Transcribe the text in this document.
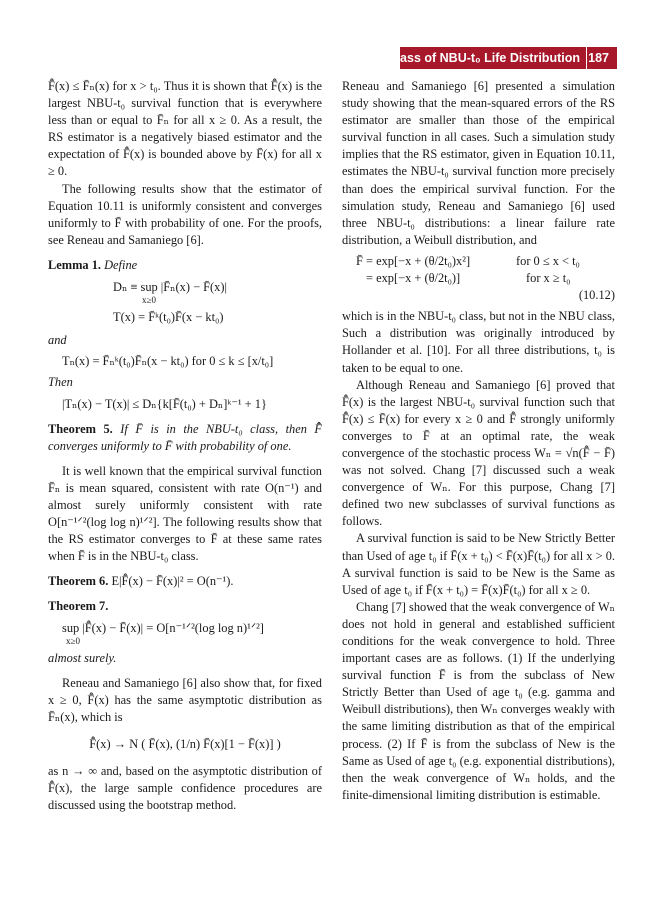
Class of NBU-t₀ Life Distribution 187

F̂̄(x) ≤ F̄ₙ(x) for x > t₀. Thus it is shown that F̂̄(x) is the largest NBU-t₀ survival function that is everywhere less than or equal to F̄ₙ for all x ≥ 0. As a result, the RS estimator is a negatively biased estimator and the expectation of F̂̄(x) is bounded above by F̄(x) for all x ≥ 0.

The following results show that the estimator of Equation 10.11 is uniformly consistent and converges uniformly to F̄ with probability of one. For the proofs, see Reneau and Samaniego [6].

Lemma 1. Define

Dₙ ≡ sup |F̄ₙ(x) − F̄(x)|
x≥0
T(x) = F̄ᵏ(t₀)F̄(x − kt₀)

and

Tₙ(x) = F̄ₙᵏ(t₀)F̄ₙ(x − kt₀) for 0 ≤ k ≤ [x/t₀]

Then

|Tₙ(x) − T(x)| ≤ Dₙ{k[F̄(t₀) + Dₙ]ᵏ⁻¹ + 1}

Theorem 5. If F̄ is in the NBU-t₀ class, then F̂̄ converges uniformly to F̄ with probability of one.

It is well known that the empirical survival function F̄ₙ is mean squared, consistent with rate O(n⁻¹) and almost surely uniformly consistent with rate O[n⁻¹ᐟ²(log log n)¹ᐟ²]. The following results show that the RS estimator converges to F̄ at these same rates when F̄ is in the NBU-t₀ class.

Theorem 6. E|F̂̄(x) − F̄(x)|² = O(n⁻¹).

Theorem 7.

sup |F̂̄(x) − F̄(x)| = O[n⁻¹ᐟ²(log log n)¹ᐟ²]
x≥0

almost surely.

Reneau and Samaniego [6] also show that, for fixed x ≥ 0, F̂̄(x) has the same asymptotic distribution as F̄ₙ(x), which is

F̂̄(x) → N ( F̄(x), (1/n) F̄(x)[1 − F̄(x)] )

as n → ∞ and, based on the asymptotic distribution of F̂̄(x), the large sample confidence procedures are discussed using the bootstrap method.

Reneau and Samaniego [6] presented a simulation study showing that the mean-squared errors of the RS estimator are smaller than those of the empirical survival function in all cases. Such a simulation study implies that the RS estimator, given in Equation 10.11, estimates the NBU-t₀ survival function more precisely than does the empirical survival function. For the simulation study, Reneau and Samaniego [6] used three NBU-t₀ distributions: a linear failure rate distribution, a Weibull distribution, and

F̄ = exp[−x + (θ/2t₀)x²]	for 0 ≤ x < t₀
= exp[−x + (θ/2t₀)]	for x ≥ t₀
(10.12)

which is in the NBU-t₀ class, but not in the NBU class, Such a distribution was originally introduced by Hollander et al. [10]. For all three distributions, t₀ is taken to be equal to one.

Although Reneau and Samaniego [6] proved that F̂̄(x) is the largest NBU-t₀ survival function such that F̂̄(x) ≤ F̄(x) for every x ≥ 0 and F̂̄ strongly uniformly converges to F̄ at an optimal rate, the weak convergence of the stochastic process Wₙ = √n(F̂̄ − F̄) was not solved. Chang [7] discussed such a weak convergence of Wₙ. For this purpose, Chang [7] defined two new subclasses of survival functions as follows.

A survival function is said to be New Strictly Better than Used of age t₀ if F̄(x + t₀) < F̄(x)F̄(t₀) for all x > 0. A survival function is said to be New is the Same as Used of age t₀ if F̄(x + t₀) = F̄(x)F̄(t₀) for all x ≥ 0.

Chang [7] showed that the weak convergence of Wₙ does not hold in general and established sufficient conditions for the weak convergence to hold. Three important cases are as follows. (1) If the underlying survival function F̄ is from the subclass of New Strictly Better than Used of age t₀ (e.g. gamma and Weibull distributions), then Wₙ converges weakly with the same limiting distribution as that of the empirical process. (2) If F̄ is from the subclass of New is the Same as Used of age t₀ (e.g. exponential distributions), then the weak convergence of Wₙ holds, and the finite-dimensional limiting distribution is estimable.
